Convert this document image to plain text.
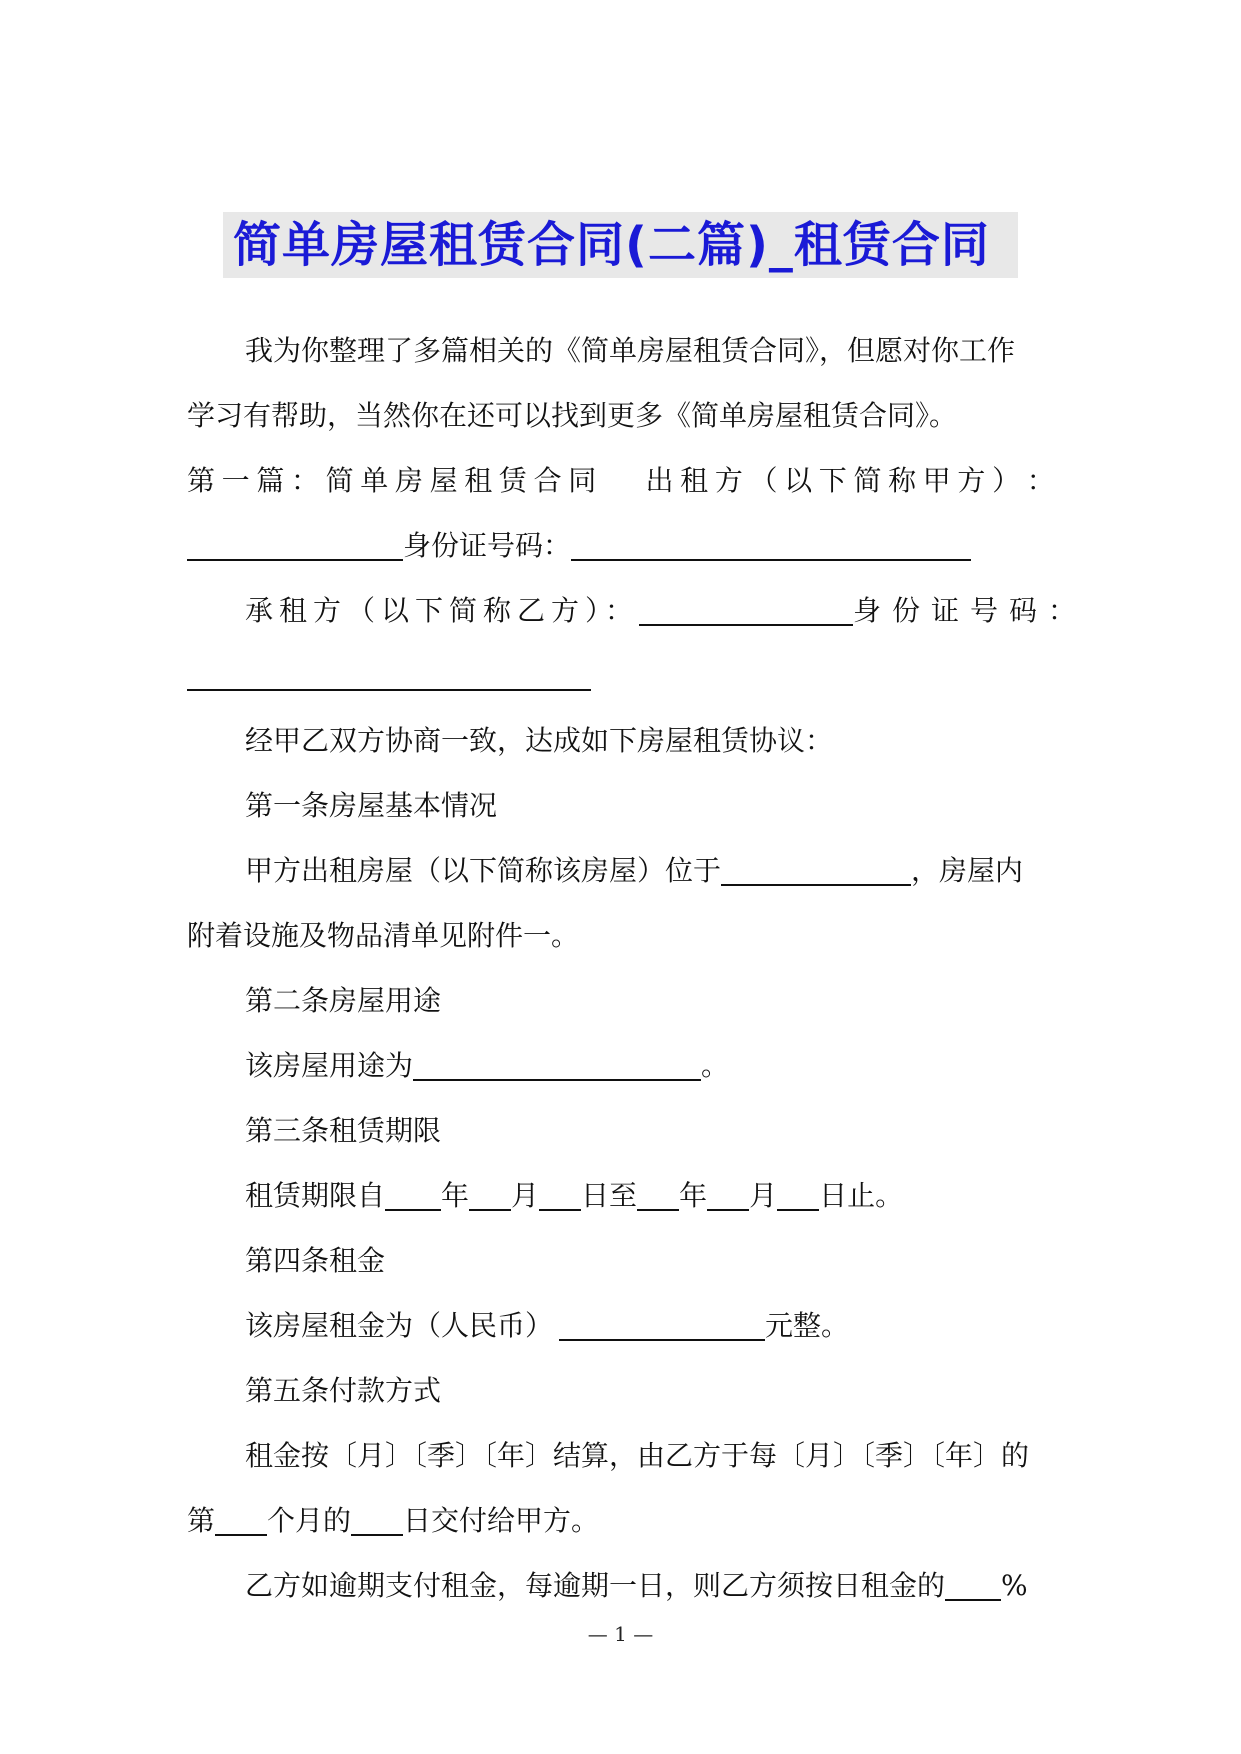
简单房屋租赁合同(二篇)_租赁合同
我为你整理了多篇相关的《简单房屋租赁合同》，但愿对你工作
学习有帮助，当然你在还可以找到更多《简单房屋租赁合同》。
第 一 篇 ： 简 单 房 屋 租 赁 合 同 出 租 方 （ 以 下 简 称 甲 方 ） ：
身份证号码：
承租方（以下简称乙方）：	身份证号码：
经甲乙双方协商一致，达成如下房屋租赁协议：
第一条房屋基本情况
甲方出租房屋（以下简称该房屋）位于	，房屋内
附着设施及物品清单见附件一。
第二条房屋用途
该房屋用途为	。
第三条租赁期限
租赁期限自 年 月 日至 年 月 日止。
第四条租金
该房屋租金为（人民币）	元整。
第五条付款方式
租金按〔月〕〔季〕〔年〕结算，由乙方于每〔月〕〔季〕〔年〕的
第 个月的 日交付给甲方。
乙方如逾期支付租金，每逾期一日，则乙方须按日租金的 %
— 1 —
